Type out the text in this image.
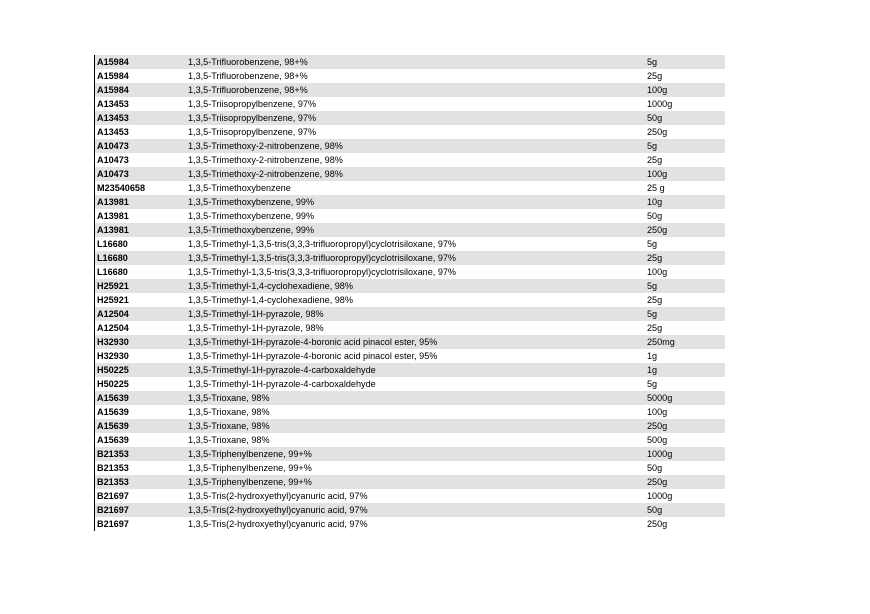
A15984	1,3,5-Trifluorobenzene, 98+%	5g
A15984	1,3,5-Trifluorobenzene, 98+%	25g
A15984	1,3,5-Trifluorobenzene, 98+%	100g
A13453	1,3,5-Triisopropylbenzene, 97%	1000g
A13453	1,3,5-Triisopropylbenzene, 97%	50g
A13453	1,3,5-Triisopropylbenzene, 97%	250g
A10473	1,3,5-Trimethoxy-2-nitrobenzene, 98%	5g
A10473	1,3,5-Trimethoxy-2-nitrobenzene, 98%	25g
A10473	1,3,5-Trimethoxy-2-nitrobenzene, 98%	100g
M23540658	1,3,5-Trimethoxybenzene	25 g
A13981	1,3,5-Trimethoxybenzene, 99%	10g
A13981	1,3,5-Trimethoxybenzene, 99%	50g
A13981	1,3,5-Trimethoxybenzene, 99%	250g
L16680	1,3,5-Trimethyl-1,3,5-tris(3,3,3-trifluoropropyl)cyclotrisiloxane, 97%	5g
L16680	1,3,5-Trimethyl-1,3,5-tris(3,3,3-trifluoropropyl)cyclotrisiloxane, 97%	25g
L16680	1,3,5-Trimethyl-1,3,5-tris(3,3,3-trifluoropropyl)cyclotrisiloxane, 97%	100g
H25921	1,3,5-Trimethyl-1,4-cyclohexadiene, 98%	5g
H25921	1,3,5-Trimethyl-1,4-cyclohexadiene, 98%	25g
A12504	1,3,5-Trimethyl-1H-pyrazole, 98%	5g
A12504	1,3,5-Trimethyl-1H-pyrazole, 98%	25g
H32930	1,3,5-Trimethyl-1H-pyrazole-4-boronic acid pinacol ester, 95%	250mg
H32930	1,3,5-Trimethyl-1H-pyrazole-4-boronic acid pinacol ester, 95%	1g
H50225	1,3,5-Trimethyl-1H-pyrazole-4-carboxaldehyde	1g
H50225	1,3,5-Trimethyl-1H-pyrazole-4-carboxaldehyde	5g
A15639	1,3,5-Trioxane, 98%	5000g
A15639	1,3,5-Trioxane, 98%	100g
A15639	1,3,5-Trioxane, 98%	250g
A15639	1,3,5-Trioxane, 98%	500g
B21353	1,3,5-Triphenylbenzene, 99+%	1000g
B21353	1,3,5-Triphenylbenzene, 99+%	50g
B21353	1,3,5-Triphenylbenzene, 99+%	250g
B21697	1,3,5-Tris(2-hydroxyethyl)cyanuric acid, 97%	1000g
B21697	1,3,5-Tris(2-hydroxyethyl)cyanuric acid, 97%	50g
B21697	1,3,5-Tris(2-hydroxyethyl)cyanuric acid, 97%	250g
